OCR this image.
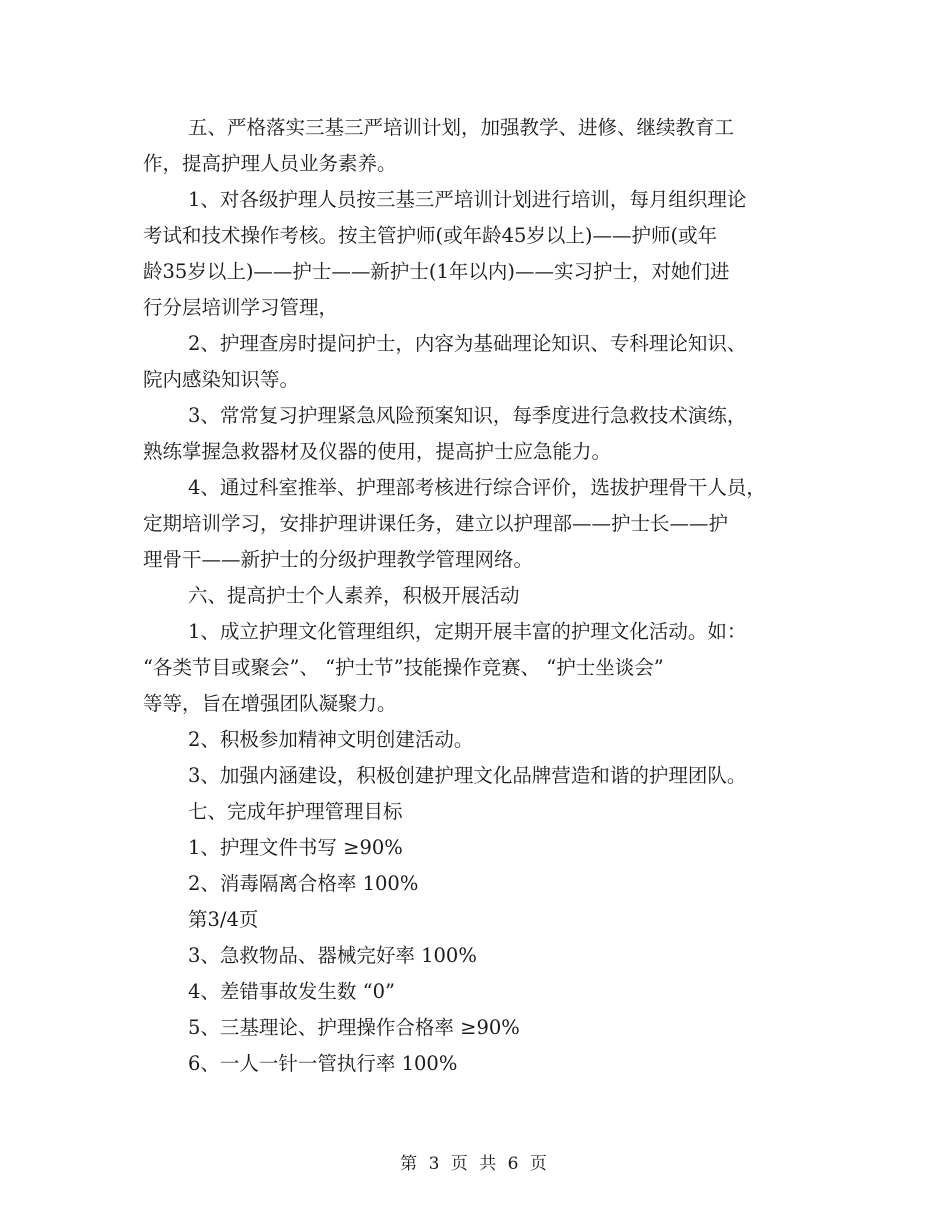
五、严格落实三基三严培训计划，加强教学、进修、继续教育工
作，提高护理人员业务素养。

1、对各级护理人员按三基三严培训计划进行培训，每月组织理论
考试和技术操作考核。按主管护师(或年龄45岁以上)——护师(或年
龄35岁以上)——护士——新护士(1年以内)——实习护士，对她们进
行分层培训学习管理，

2、护理查房时提问护士，内容为基础理论知识、专科理论知识、
院内感染知识等。

3、常常复习护理紧急风险预案知识，每季度进行急救技术演练，
熟练掌握急救器材及仪器的使用，提高护士应急能力。

4、通过科室推举、护理部考核进行综合评价，选拔护理骨干人员，
定期培训学习，安排护理讲课任务，建立以护理部——护士长——护
理骨干——新护士的分级护理教学管理网络。

六、提高护士个人素养，积极开展活动

1、成立护理文化管理组织，定期开展丰富的护理文化活动。如：
“各类节目或聚会”、 “护士节”技能操作竞赛、 “护士坐谈会”
等等，旨在增强团队凝聚力。

2、积极参加精神文明创建活动。

3、加强内涵建设，积极创建护理文化品牌营造和谐的护理团队。

七、完成年护理管理目标

1、护理文件书写 ≥90%

2、消毒隔离合格率 100%

第3/4页

3、急救物品、器械完好率 100%

4、差错事故发生数 “0”

5、三基理论、护理操作合格率 ≥90%

6、一人一针一管执行率 100%

第 3 页 共 6 页
